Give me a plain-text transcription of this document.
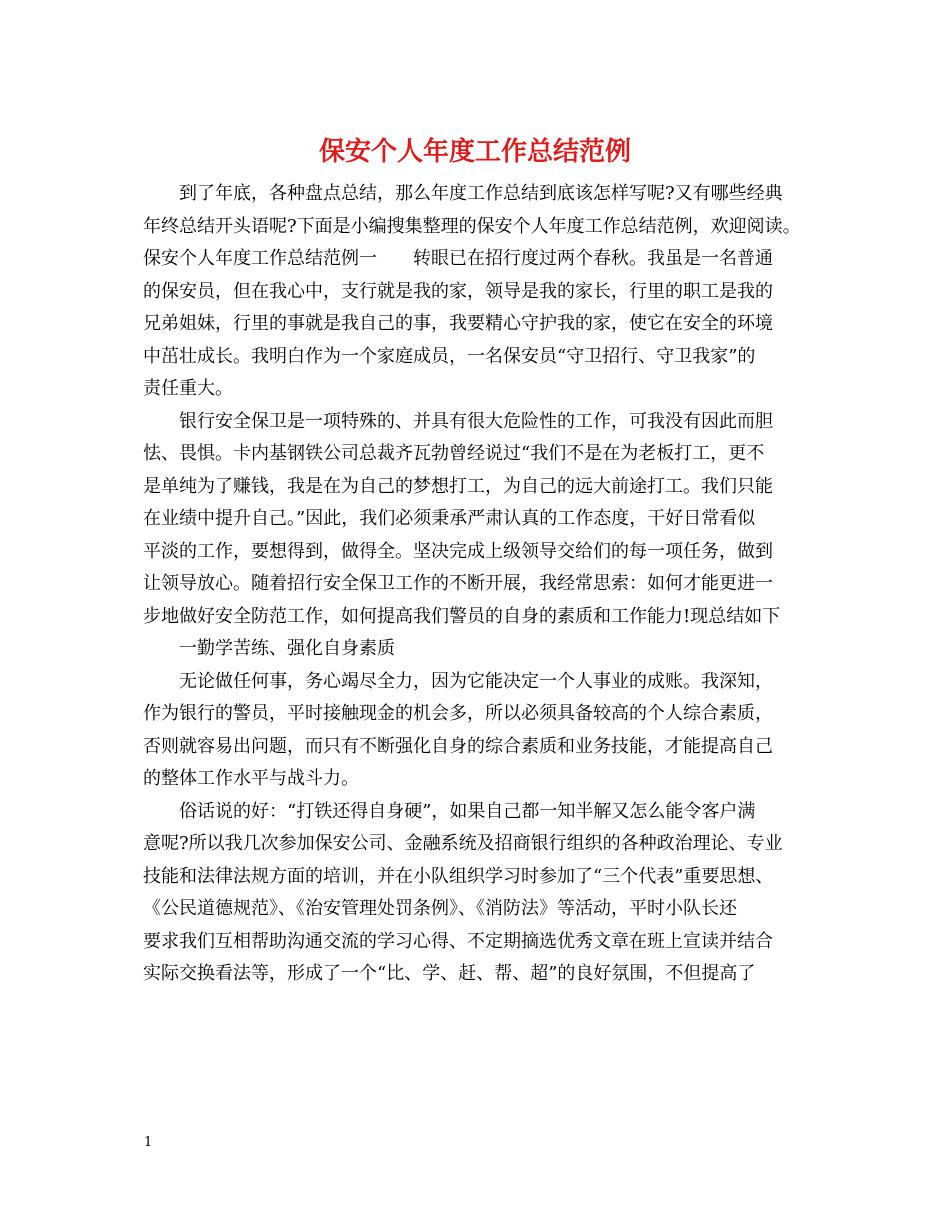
保安个人年度工作总结范例
到了年底，各种盘点总结，那么年度工作总结到底该怎样写呢?又有哪些经典
年终总结开头语呢?下面是小编搜集整理的保安个人年度工作总结范例，欢迎阅读。
保安个人年度工作总结范例一　　转眼已在招行度过两个春秋。我虽是一名普通
的保安员，但在我心中，支行就是我的家，领导是我的家长，行里的职工是我的
兄弟姐妹，行里的事就是我自己的事，我要精心守护我的家，使它在安全的环境
中茁壮成长。我明白作为一个家庭成员，一名保安员“守卫招行、守卫我家”的
责任重大。
银行安全保卫是一项特殊的、并具有很大危险性的工作，可我没有因此而胆
怯、畏惧。卡内基钢铁公司总裁齐瓦勃曾经说过“我们不是在为老板打工，更不
是单纯为了赚钱，我是在为自己的梦想打工，为自己的远大前途打工。我们只能
在业绩中提升自己。”因此，我们必须秉承严肃认真的工作态度，干好日常看似
平淡的工作，要想得到，做得全。坚决完成上级领导交给们的每一项任务，做到
让领导放心。随着招行安全保卫工作的不断开展，我经常思索：如何才能更进一
步地做好安全防范工作，如何提高我们警员的自身的素质和工作能力!现总结如下
一勤学苦练、强化自身素质
无论做任何事，务心竭尽全力，因为它能决定一个人事业的成账。我深知，
作为银行的警员，平时接触现金的机会多，所以必须具备较高的个人综合素质，
否则就容易出问题，而只有不断强化自身的综合素质和业务技能，才能提高自己
的整体工作水平与战斗力。
俗话说的好：“打铁还得自身硬”，如果自己都一知半解又怎么能令客户满
意呢?所以我几次参加保安公司、金融系统及招商银行组织的各种政治理论、专业
技能和法律法规方面的培训，并在小队组织学习时参加了“三个代表”重要思想、
《公民道德规范》、《治安管理处罚条例》、《消防法》等活动，平时小队长还
要求我们互相帮助沟通交流的学习心得、不定期摘选优秀文章在班上宣读并结合
实际交换看法等，形成了一个“比、学、赶、帮、超”的良好氛围，不但提高了
1
